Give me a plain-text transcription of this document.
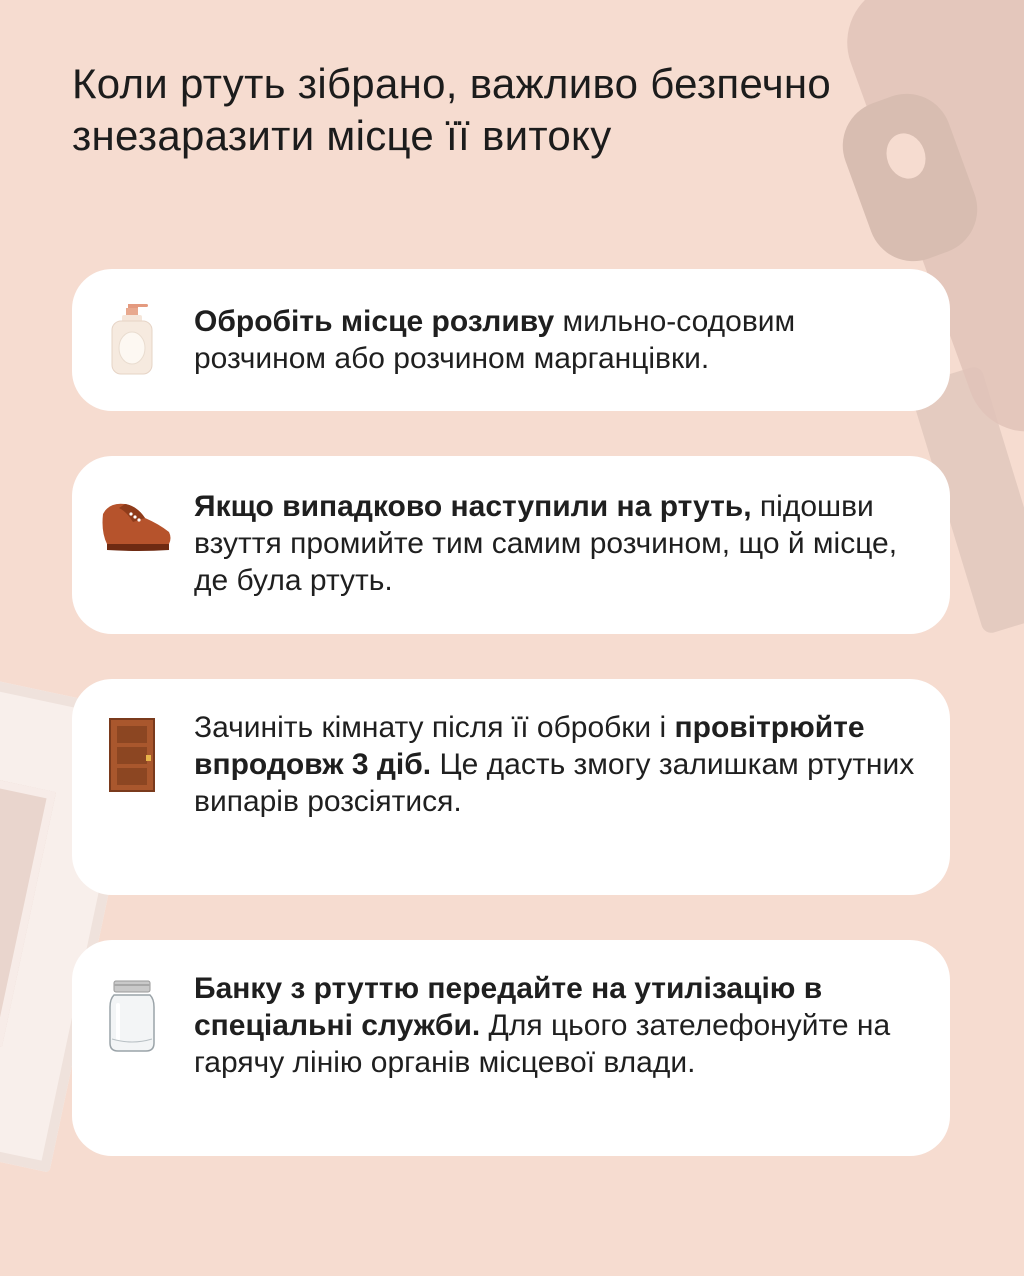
Коли ртуть зібрано, важливо безпечно знезаразити місце її витоку
Обробіть місце розливу мильно-содовим розчином або розчином марганцівки.
Якщо випадково наступили на ртуть, підошви взуття промийте тим самим розчином, що й місце, де була ртуть.
Зачиніть кімнату після її обробки і провітрюйте впродовж 3 діб. Це дасть змогу залишкам ртутних випарів розсіятися.
Банку з ртуттю передайте на утилізацію в спеціальні служби. Для цього зателефонуйте на гарячу лінію органів місцевої влади.
